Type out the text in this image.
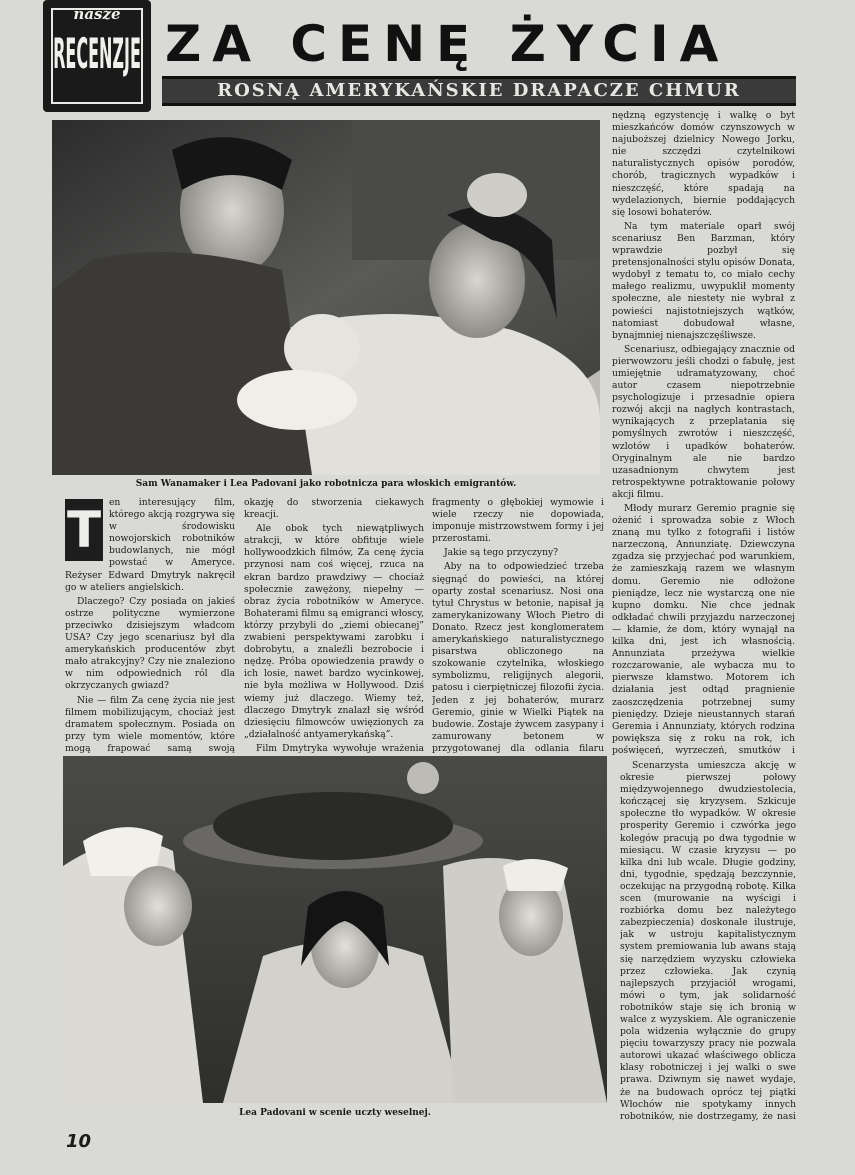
nasze
RECENZJE ZA CENĘ ŻYCIA
ROSNĄ AMERYKAŃSKIE DRAPACZE CHMUR
Sam Wanamaker i Lea Padovani jako robotnicza para włoskich emigrantów.
T en interesujący film, którego akcją rozgrywa się w środowisku nowojorskich robotników budowlanych, nie mógł powstać w Ameryce. Reżyser Edward Dmytryk nakręcił go w ateliers angielskich.

Dlaczego? Czy posiada on jakieś ostrze polityczne wymierzone przeciwko dzisiejszym władcom USA? Czy jego scenariusz był dla amerykańskich producentów zbyt mało atrakcyjny? Czy nie znaleziono w nim odpowiednich ról dla okrzyczanych gwiazd?

Nie — film Za cenę życia nie jest filmem mobilizującym, chociaż jest dramatem społecznym. Posiada on przy tym wiele momentów, które mogą frapować samą swoją

okazję do stworzenia ciekawych kreacji.

Ale obok tych niewątpliwych atrakcji, w które obfituje wiele hollywoodzkich filmów, Za cenę życia przynosi nam coś więcej, rzuca na ekran bardzo prawdziwy — chociaż społecznie zawężony, niepełny — obraz życia robotników w Ameryce. Bohaterami filmu są emigranci włoscy, którzy przybyli do „ziemi obiecanej” zwabieni perspektywami zarobku i dobrobytu, a znaleźli bezrobocie i nędzę. Próba opowiedzenia prawdy o ich losie, nawet bardzo wycinkowej, nie była możliwa w Hollywood. Dziś wiemy już dlaczego. Wiemy też, dlaczego Dmytryk znalazł się wśród dziesięciu filmowców uwięzionych za „działalność antyamerykańską”.

Film Dmytryka wywołuje wrażenia

fragmenty o głębokiej wymowie i wiele rzeczy nie dopowiada, imponuje mistrzowstwem formy i jej przerostami.

Jakie są tego przyczyny?

Aby na to odpowiedzieć trzeba sięgnąć do powieści, na której oparty został scenariusz. Nosi ona tytuł Chrystus w betonie, napisał ją zamerykanizowany Włoch Pietro di Donato. Rzecz jest konglomeratem amerykańskiego naturalistycznego pisarstwa obliczonego na szokowanie czytelnika, włoskiego symbolizmu, religijnych alegorii, patosu i cierpiętniczej filozofii życia. Jeden z jej bohaterów, murarz Geremio, ginie w Wielki Piątek na budowie. Zostaje żywcem zasypany i zamurowany betonem w przygotowanej dla odlania filaru

nędzną egzystencję i walkę o byt mieszkańców domów czynszowych w najuboższej dzielnicy Nowego Jorku, nie szczędzi czytelnikowi naturalistycznych opisów porodów, chorób, tragicznych wypadków i nieszczęść, które spadają na wydelazionych, biernie poddających się losowi bohaterów.

Na tym materiale oparł swój scenariusz Ben Barzman, który wprawdzie pozbył się pretensjonalności stylu opisów Donata, wydobył z tematu to, co miało cechy małego realizmu, uwypuklił momenty społeczne, ale niestety nie wybrał z powieści najistotniejszych wątków, natomiast dobudował własne, bynajmniej nienajszczęśliwsze.

Scenariusz, odbiegający znacznie od pierwowzoru jeśli chodzi o fabułę, jest umiejętnie udramatyzowany, choć autor czasem niepotrzebnie psychologizuje i przesadnie opiera rozwój akcji na nagłych kontrastach, wynikających z przeplatania się pomyślnych zwrotów i nieszczęść, wzlotów i upadków bohaterów. Oryginalnym ale nie bardzo uzasadnionym chwytem jest retrospektywne potraktowanie połowy akcji filmu.

Młody murarz Geremio pragnie się ożenić i sprowadza sobie z Włoch znaną mu tylko z fotografii i listów narzeczoną, Annunziatę. Dziewczyna zgadza się przyjechać pod warunkiem, że zamieszkają razem we własnym domu. Geremio nie odłożone pieniądze, lecz nie wystarczą one nie kupno domku. Nie chce jednak odkładać chwili przyjazdu narzeczonej — kłamie, że dom, który wynajął na kilka dni, jest ich własnością. Annunziata przeżywa wielkie rozczarowanie, ale wybacza mu to pierwsze kłamstwo. Motorem ich działania jest odtąd pragnienie zaoszczędzenia potrzebnej sumy pieniędzy. Dzieje nieustannych starań Geremia i Annunziaty, których rodzina powiększa się z roku na rok, ich poświęceń, wyrzeczeń, smutków i

Scenarzysta umieszcza akcję w okresie pierwszej połowy międzywojennego dwudziestolecia, kończącej się kryzysem. Szkicuje społeczne tło wypadków. W okresie prosperity Geremio i czwórka jego kolegów pracują po dwa tygodnie w miesiącu. W czasie kryzysu — po kilka dni lub wcale. Długie godziny, dni, tygodnie, spędzają bezczynnie, oczekując na przygodną robotę. Kilka scen (murowanie na wyścigi i rozbiórka domu bez należytego zabezpieczenia) doskonale ilustruje, jak w ustroju kapitalistycznym system premiowania lub awans stają się narzędziem wyzysku człowieka przez człowieka. Jak czynią najlepszych przyjaciół wrogami, mówi o tym, jak solidarność robotników staje się ich bronią w walce z wyzyskiem. Ale ograniczenie pola widzenia wyłącznie do grupy pięciu towarzyszy pracy nie pozwala autorowi ukazać właściwego oblicza klasy robotniczej i jej walki o swe prawa. Dziwnym się nawet wydaje, że na budowach oprócz tej piątki Włochów nie spotykamy innych robotników, nie dostrzegamy, że nasi

Lea Padovani w scenie uczty weselnej.
10
